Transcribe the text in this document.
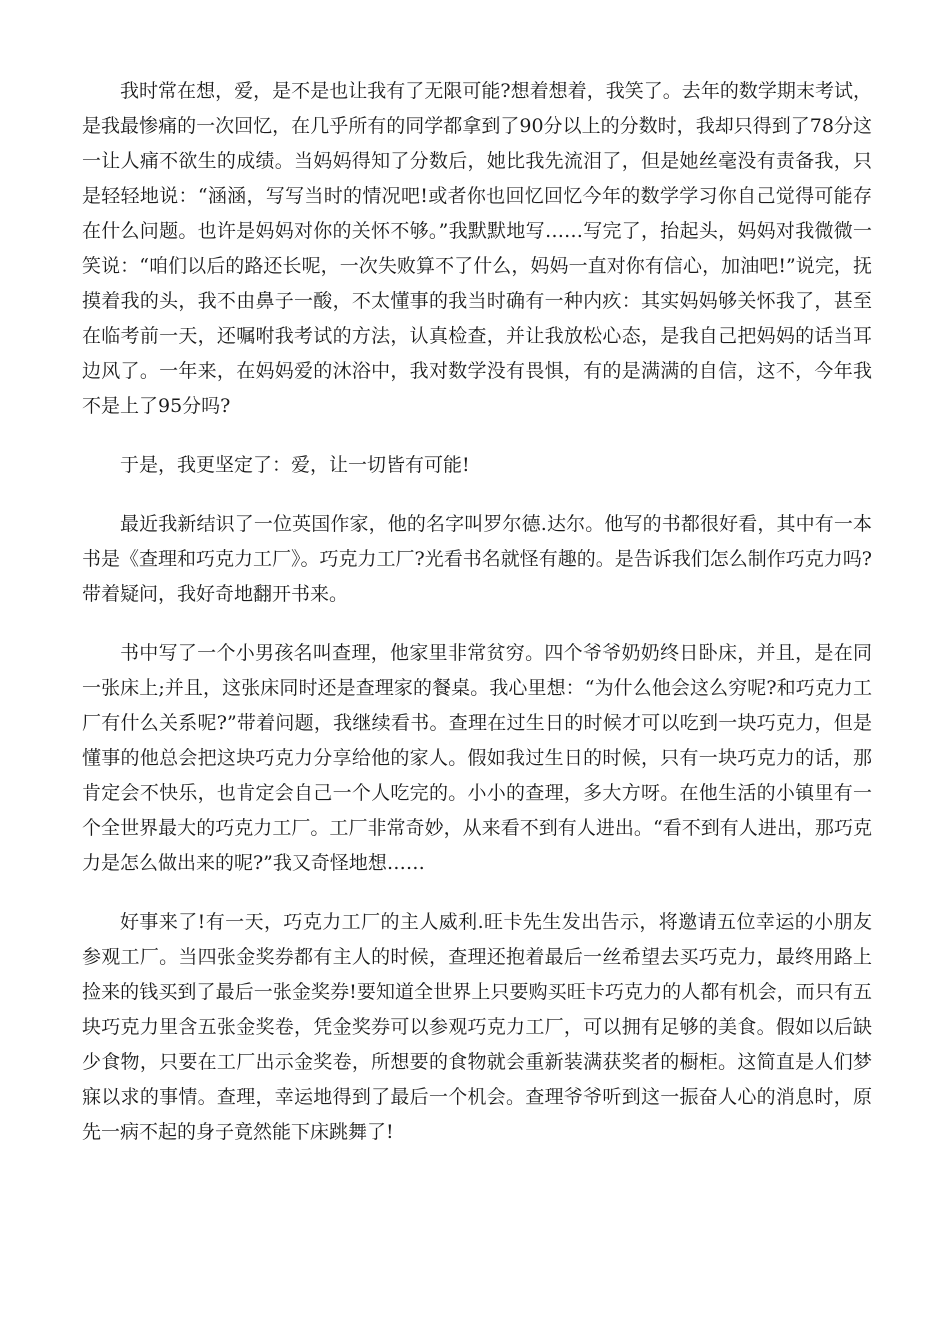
我时常在想，爱，是不是也让我有了无限可能?想着想着，我笑了。去年的数学期末考试，是我最惨痛的一次回忆，在几乎所有的同学都拿到了90分以上的分数时，我却只得到了78分这一让人痛不欲生的成绩。当妈妈得知了分数后，她比我先流泪了，但是她丝毫没有责备我，只是轻轻地说：“涵涵，写写当时的情况吧!或者你也回忆回忆今年的数学学习你自己觉得可能存在什么问题。也许是妈妈对你的关怀不够。”我默默地写……写完了，抬起头，妈妈对我微微一笑说：“咱们以后的路还长呢，一次失败算不了什么，妈妈一直对你有信心，加油吧!”说完，抚摸着我的头，我不由鼻子一酸，不太懂事的我当时确有一种内疚：其实妈妈够关怀我了，甚至在临考前一天，还嘱咐我考试的方法，认真检查，并让我放松心态，是我自己把妈妈的话当耳边风了。一年来，在妈妈爱的沐浴中，我对数学没有畏惧，有的是满满的自信，这不，今年我不是上了95分吗?

于是，我更坚定了：爱，让一切皆有可能!

最近我新结识了一位英国作家，他的名字叫罗尔德.达尔。他写的书都很好看，其中有一本书是《查理和巧克力工厂》。巧克力工厂?光看书名就怪有趣的。是告诉我们怎么制作巧克力吗?带着疑问，我好奇地翻开书来。

书中写了一个小男孩名叫查理，他家里非常贫穷。四个爷爷奶奶终日卧床，并且，是在同一张床上;并且，这张床同时还是查理家的餐桌。我心里想：“为什么他会这么穷呢?和巧克力工厂有什么关系呢?”带着问题，我继续看书。查理在过生日的时候才可以吃到一块巧克力，但是懂事的他总会把这块巧克力分享给他的家人。假如我过生日的时候，只有一块巧克力的话，那肯定会不快乐，也肯定会自己一个人吃完的。小小的查理，多大方呀。在他生活的小镇里有一个全世界最大的巧克力工厂。工厂非常奇妙，从来看不到有人进出。“看不到有人进出，那巧克力是怎么做出来的呢?”我又奇怪地想……

好事来了!有一天，巧克力工厂的主人威利.旺卡先生发出告示，将邀请五位幸运的小朋友参观工厂。当四张金奖券都有主人的时候，查理还抱着最后一丝希望去买巧克力，最终用路上捡来的钱买到了最后一张金奖券!要知道全世界上只要购买旺卡巧克力的人都有机会，而只有五块巧克力里含五张金奖卷，凭金奖券可以参观巧克力工厂，可以拥有足够的美食。假如以后缺少食物，只要在工厂出示金奖卷，所想要的食物就会重新装满获奖者的橱柜。这简直是人们梦寐以求的事情。查理，幸运地得到了最后一个机会。查理爷爷听到这一振奋人心的消息时，原先一病不起的身子竟然能下床跳舞了!
